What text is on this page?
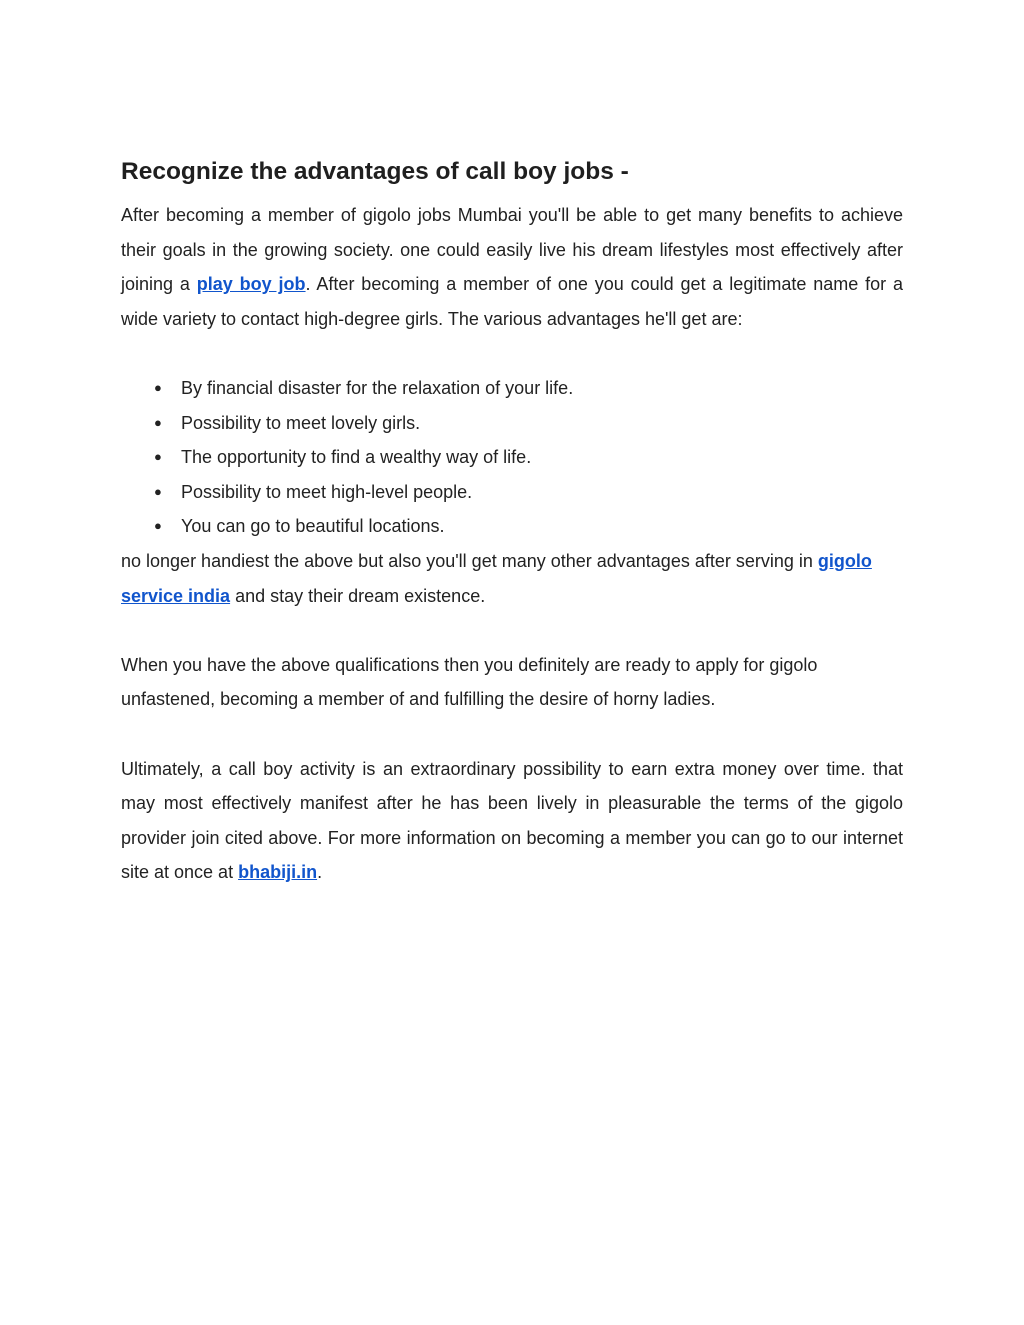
Recognize the advantages of call boy jobs -

After becoming a member of gigolo jobs Mumbai you'll be able to get many benefits to achieve their goals in the growing society. one could easily live his dream lifestyles most effectively after joining a play boy job. After becoming a member of one you could get a legitimate name for a wide variety to contact high-degree girls. The various advantages he'll get are:

● By financial disaster for the relaxation of your life.
● Possibility to meet lovely girls.
● The opportunity to find a wealthy way of life.
● Possibility to meet high-level people.
● You can go to beautiful locations.

no longer handiest the above but also you'll get many other advantages after serving in gigolo service india and stay their dream existence.

When you have the above qualifications then you definitely are ready to apply for gigolo unfastened, becoming a member of and fulfilling the desire of horny ladies.

Ultimately, a call boy activity is an extraordinary possibility to earn extra money over time. that may most effectively manifest after he has been lively in pleasurable the terms of the gigolo provider join cited above. For more information on becoming a member you can go to our internet site at once at bhabiji.in.
